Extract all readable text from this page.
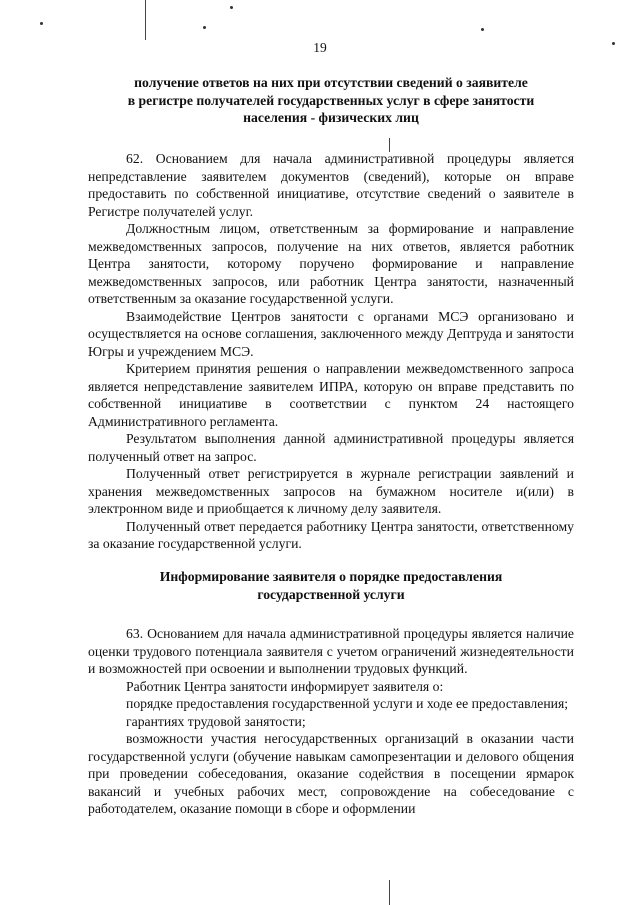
19

получение ответов на них при отсутствии сведений о заявителе

в регистре получателей государственных услуг в сфере занятости

населения - физических лиц

62. Основанием для начала административной процедуры является непредставление заявителем документов (сведений), которые он вправе предоставить по собственной инициативе, отсутствие сведений о заявителе в Регистре получателей услуг.

Должностным лицом, ответственным за формирование и направление межведомственных запросов, получение на них ответов, является работник Центра занятости, которому поручено формирование и направление межведомственных запросов, или работник Центра занятости, назначенный ответственным за оказание государственной услуги.

Взаимодействие Центров занятости с органами МСЭ организовано и осуществляется на основе соглашения, заключенного между Дептруда и занятости Югры и учреждением МСЭ.

Критерием принятия решения о направлении межведомственного запроса является непредставление заявителем ИПРА, которую он вправе представить по собственной инициативе в соответствии с пунктом 24 настоящего Административного регламента.

Результатом выполнения данной административной процедуры является полученный ответ на запрос.

Полученный ответ регистрируется в журнале регистрации заявлений и хранения межведомственных запросов на бумажном носителе и(или) в электронном виде и приобщается к личному делу заявителя.

Полученный ответ передается работнику Центра занятости, ответственному за оказание государственной услуги.

Информирование заявителя о порядке предоставления

государственной услуги

63. Основанием для начала административной процедуры является наличие оценки трудового потенциала заявителя с учетом ограничений жизнедеятельности и возможностей при освоении и выполнении трудовых функций.

Работник Центра занятости информирует заявителя о:

порядке предоставления государственной услуги и ходе ее предоставления;

гарантиях трудовой занятости;

возможности участия негосударственных организаций в оказании части государственной услуги (обучение навыкам самопрезентации и делового общения при проведении собеседования, оказание содействия в посещении ярмарок вакансий и учебных рабочих мест, сопровождение на собеседование с работодателем, оказание помощи в сборе и оформлении
